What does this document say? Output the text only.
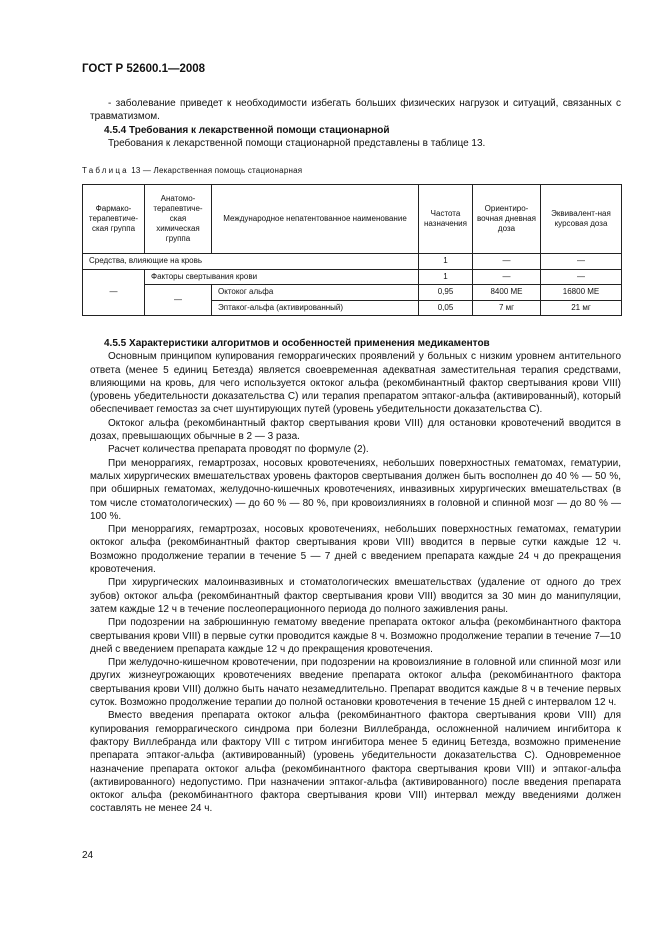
ГОСТ Р 52600.1—2008

- заболевание приведет к необходимости избегать больших физических нагрузок и ситуаций, связанных с травматизмом.

4.5.4 Требования к лекарственной помощи стационарной

Требования к лекарственной помощи стационарной представлены в таблице 13.

Таблица 13 — Лекарственная помощь стационарная
Фармако-терапевтиче-ская группа	Анатомо-терапевтиче-ская химическая группа	Международное непатентованное наименование	Частота назначения	Ориентиро-вочная дневная доза	Эквивалент-ная курсовая доза
Средства, влияющие на кровь			1	—	—
—	Факторы свертывания крови		1	—	—
	—	Октоког альфа	0,95	8400 МЕ	16800 МЕ
		Эптаког-альфа (активированный)	0,05	7 мг	21 мг
4.5.5 Характеристики алгоритмов и особенностей применения медикаментов

Основным принципом купирования геморрагических проявлений у больных с низким уровнем антительного ответа (менее 5 единиц Бетезда) является своевременная адекватная заместительная терапия средствами, влияющими на кровь, для чего используется октоког альфа (рекомбинантный фактор свертывания крови VIII) (уровень убедительности доказательства С) или терапия препаратом эптаког-альфа (активированный), который обеспечивает гемостаз за счет шунтирующих путей (уровень убедительности доказательства С).

Октоког альфа (рекомбинантный фактор свертывания крови VIII) для остановки кровотечений вводится в дозах, превышающих обычные в 2 — 3 раза.

Расчет количества препарата проводят по формуле (2).

При меноррагиях, гемартрозах, носовых кровотечениях, небольших поверхностных гематомах, гематурии, малых хирургических вмешательствах уровень факторов свертывания должен быть восполнен до 40 % — 50 %, при обширных гематомах, желудочно-кишечных кровотечениях, инвазивных хирургических вмешательствах (в том числе стоматологических) — до 60 % — 80 %, при кровоизлияниях в головной и спинной мозг — до 80 % — 100 %.

При меноррагиях, гемартрозах, носовых кровотечениях, небольших поверхностных гематомах, гематурии октоког альфа (рекомбинантный фактор свертывания крови VIII) вводится в первые сутки каждые 12 ч. Возможно продолжение терапии в течение 5 — 7 дней с введением препарата каждые 24 ч до прекращения кровотечения.

При хирургических малоинвазивных и стоматологических вмешательствах (удаление от одного до трех зубов) октоког альфа (рекомбинантный фактор свертывания крови VIII) вводится за 30 мин до манипуляции, затем каждые 12 ч в течение послеоперационного периода до полного заживления раны.

При подозрении на забрюшинную гематому введение препарата октоког альфа (рекомбинантного фактора свертывания крови VIII) в первые сутки проводится каждые 8 ч. Возможно продолжение терапии в течение 7—10 дней с введением препарата каждые 12 ч до прекращения кровотечения.

При желудочно-кишечном кровотечении, при подозрении на кровоизлияние в головной или спинной мозг или других жизнеугрожающих кровотечениях введение препарата октоког альфа (рекомбинантного фактора свертывания крови VIII) должно быть начато незамедлительно. Препарат вводится каждые 8 ч в течение первых суток. Возможно продолжение терапии до полной остановки кровотечения в течение 15 дней с интервалом 12 ч.

Вместо введения препарата октоког альфа (рекомбинантного фактора свертывания крови VIII) для купирования геморрагического синдрома при болезни Виллебранда, осложненной наличием ингибитора к фактору Виллебранда или фактору VIII с титром ингибитора менее 5 единиц Бетезда, возможно применение препарата эптаког-альфа (активированный) (уровень убедительности доказательства С). Одновременное назначение препарата октоког альфа (рекомбинантного фактора свертывания крови VIII) и эптаког-альфа (активированного) недопустимо. При назначении эптаког-альфа (активированного) после введения препарата октоког альфа (рекомбинантного фактора свертывания крови VIII) интервал между введениями должен составлять не менее 24 ч.

24
